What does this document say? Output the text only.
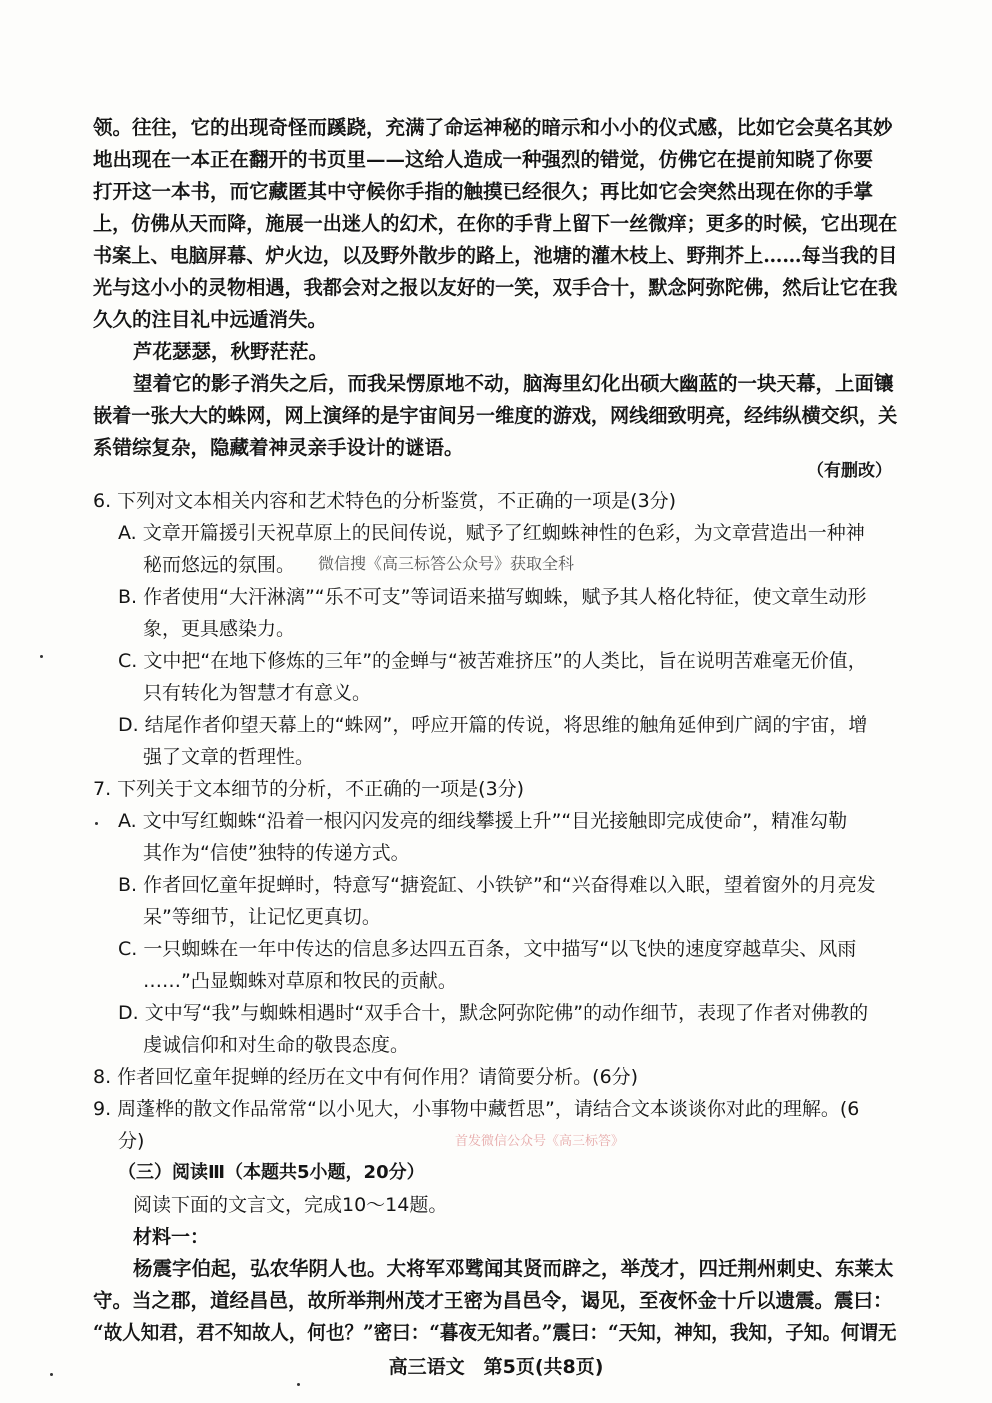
领。往往，它的出现奇怪而蹊跷，充满了命运神秘的暗示和小小的仪式感，比如它会莫名其妙
地出现在一本正在翻开的书页里——这给人造成一种强烈的错觉，仿佛它在提前知晓了你要
打开这一本书，而它藏匿其中守候你手指的触摸已经很久；再比如它会突然出现在你的手掌
上，仿佛从天而降，施展一出迷人的幻术，在你的手背上留下一丝微痒；更多的时候，它出现在
书案上、电脑屏幕、炉火边，以及野外散步的路上，池塘的灌木枝上、野荆芥上……每当我的目
光与这小小的灵物相遇，我都会对之报以友好的一笑，双手合十，默念阿弥陀佛，然后让它在我
久久的注目礼中远遁消失。
芦花瑟瑟，秋野茫茫。
望着它的影子消失之后，而我呆愣原地不动，脑海里幻化出硕大幽蓝的一块天幕，上面镶
嵌着一张大大的蛛网，网上演绎的是宇宙间另一维度的游戏，网线细致明亮，经纬纵横交织，关
系错综复杂，隐藏着神灵亲手设计的谜语。
（有删改）
6. 下列对文本相关内容和艺术特色的分析鉴赏，不正确的一项是(3分)
A. 文章开篇援引天祝草原上的民间传说，赋予了红蜘蛛神性的色彩，为文章营造出一种神
秘而悠远的氛围。 微信搜《高三标答公众号》获取全科
B. 作者使用“大汗淋漓”“乐不可支”等词语来描写蜘蛛，赋予其人格化特征，使文章生动形
象，更具感染力。
C. 文中把“在地下修炼的三年”的金蝉与“被苦难挤压”的人类比，旨在说明苦难毫无价值，
只有转化为智慧才有意义。
D. 结尾作者仰望天幕上的“蛛网”，呼应开篇的传说，将思维的触角延伸到广阔的宇宙，增
强了文章的哲理性。
7. 下列关于文本细节的分析，不正确的一项是(3分)
A. 文中写红蜘蛛“沿着一根闪闪发亮的细线攀援上升”“目光接触即完成使命”，精准勾勒
其作为“信使”独特的传递方式。
B. 作者回忆童年捉蝉时，特意写“搪瓷缸、小铁铲”和“兴奋得难以入眠，望着窗外的月亮发
呆”等细节，让记忆更真切。
C. 一只蜘蛛在一年中传达的信息多达四五百条，文中描写“以飞快的速度穿越草尖、风雨
……”凸显蜘蛛对草原和牧民的贡献。
D. 文中写“我”与蜘蛛相遇时“双手合十，默念阿弥陀佛”的动作细节，表现了作者对佛教的
虔诚信仰和对生命的敬畏态度。
8. 作者回忆童年捉蝉的经历在文中有何作用？请简要分析。(6分)
9. 周蓬桦的散文作品常常“以小见大，小事物中藏哲思”，请结合文本谈谈你对此的理解。(6
分)
（三）阅读Ⅲ（本题共5小题，20分）
首发微信公众号《高三标答》
阅读下面的文言文，完成10～14题。
材料一：
杨震字伯起，弘农华阴人也。大将军邓骘闻其贤而辟之，举茂才，四迁荆州刺史、东莱太
守。当之郡，道经昌邑，故所举荆州茂才王密为昌邑令，谒见，至夜怀金十斤以遗震。震曰：
“故人知君，君不知故人，何也？”密曰：“暮夜无知者。”震曰：“天知，神知，我知，子知。何谓无
高三语文　第5页(共8页)
